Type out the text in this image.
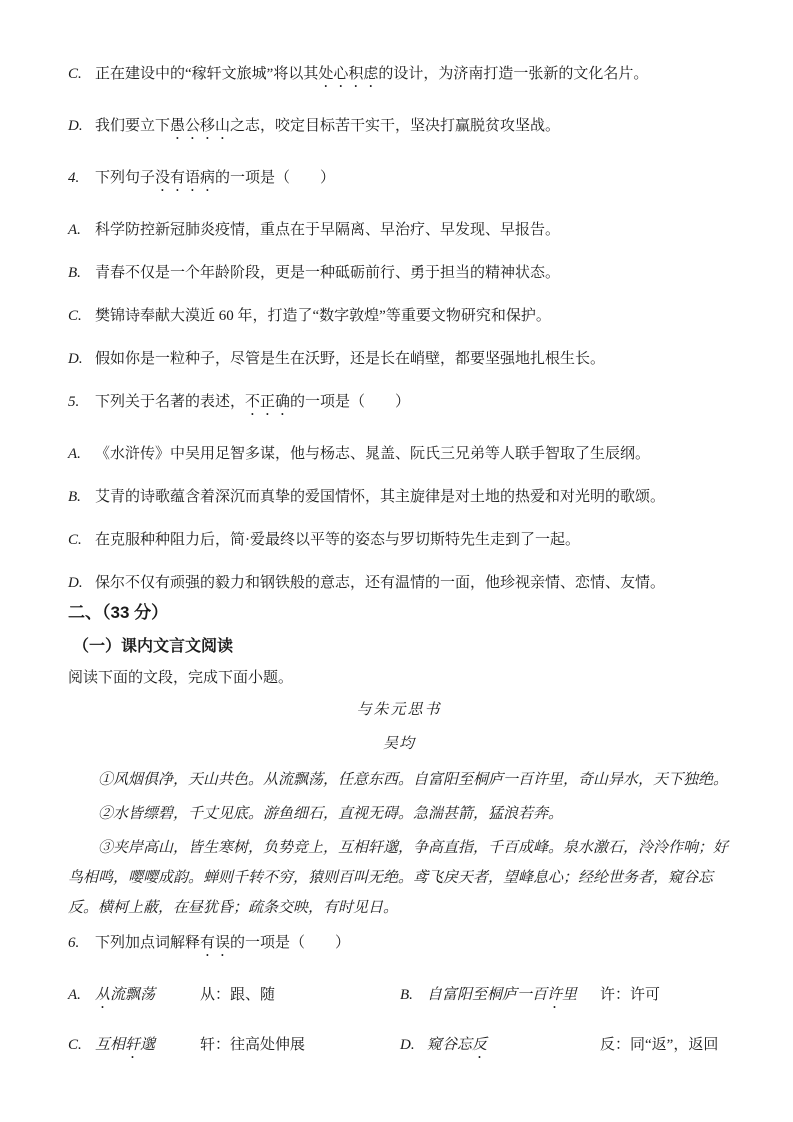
C. 正在建设中的“稼轩文旅城”将以其处心积虑的设计，为济南打造一张新的文化名片。
D. 我们要立下愚公移山之志，咬定目标苦干实干，坚决打赢脱贫攻坚战。
4. 下列句子没有语病的一项是（　　）
A. 科学防控新冠肺炎疫情，重点在于早隔离、早治疗、早发现、早报告。
B. 青春不仅是一个年龄阶段，更是一种砥砺前行、勇于担当的精神状态。
C. 樊锦诗奉献大漠近 60 年，打造了“数字敦煌”等重要文物研究和保护。
D. 假如你是一粒种子，尽管是生在沃野，还是长在峭壁，都要坚强地扎根生长。
5. 下列关于名著的表述，不正确的一项是（　　）
A. 《水浒传》中吴用足智多谋，他与杨志、晁盖、阮氏三兄弟等人联手智取了生辰纲。
B. 艾青的诗歌蕴含着深沉而真挚的爱国情怀，其主旋律是对土地的热爱和对光明的歌颂。
C. 在克服种种阻力后，简·爱最终以平等的姿态与罗切斯特先生走到了一起。
D. 保尔不仅有顽强的毅力和钢铁般的意志，还有温情的一面，他珍视亲情、恋情、友情。
二、（33 分）
（一）课内文言文阅读
阅读下面的文段，完成下面小题。
与朱元思书
吴均

①风烟俱净，天山共色。从流飘荡，任意东西。自富阳至桐庐一百许里，奇山异水，天下独绝。

②水皆缥碧，千丈见底。游鱼细石，直视无碍。急湍甚箭，猛浪若奔。

③夹岸高山，皆生寒树，负势竞上，互相轩邈，争高直指，千百成峰。泉水激石，泠泠作响；好鸟相鸣，嘤嘤成韵。蝉则千转不穷，猿则百叫无绝。鸢飞戾天者，望峰息心；经纶世务者，窥谷忘反。横柯上蔽，在昼犹昏；疏条交映，有时见日。

6. 下列加点词解释有误的一项是（　　）
A. 从流飘荡	从：跟、随	B. 自富阳至桐庐一百许里	许：许可
C. 互相轩邈	轩：往高处伸展	D. 窥谷忘反	反：同“返”，返回
